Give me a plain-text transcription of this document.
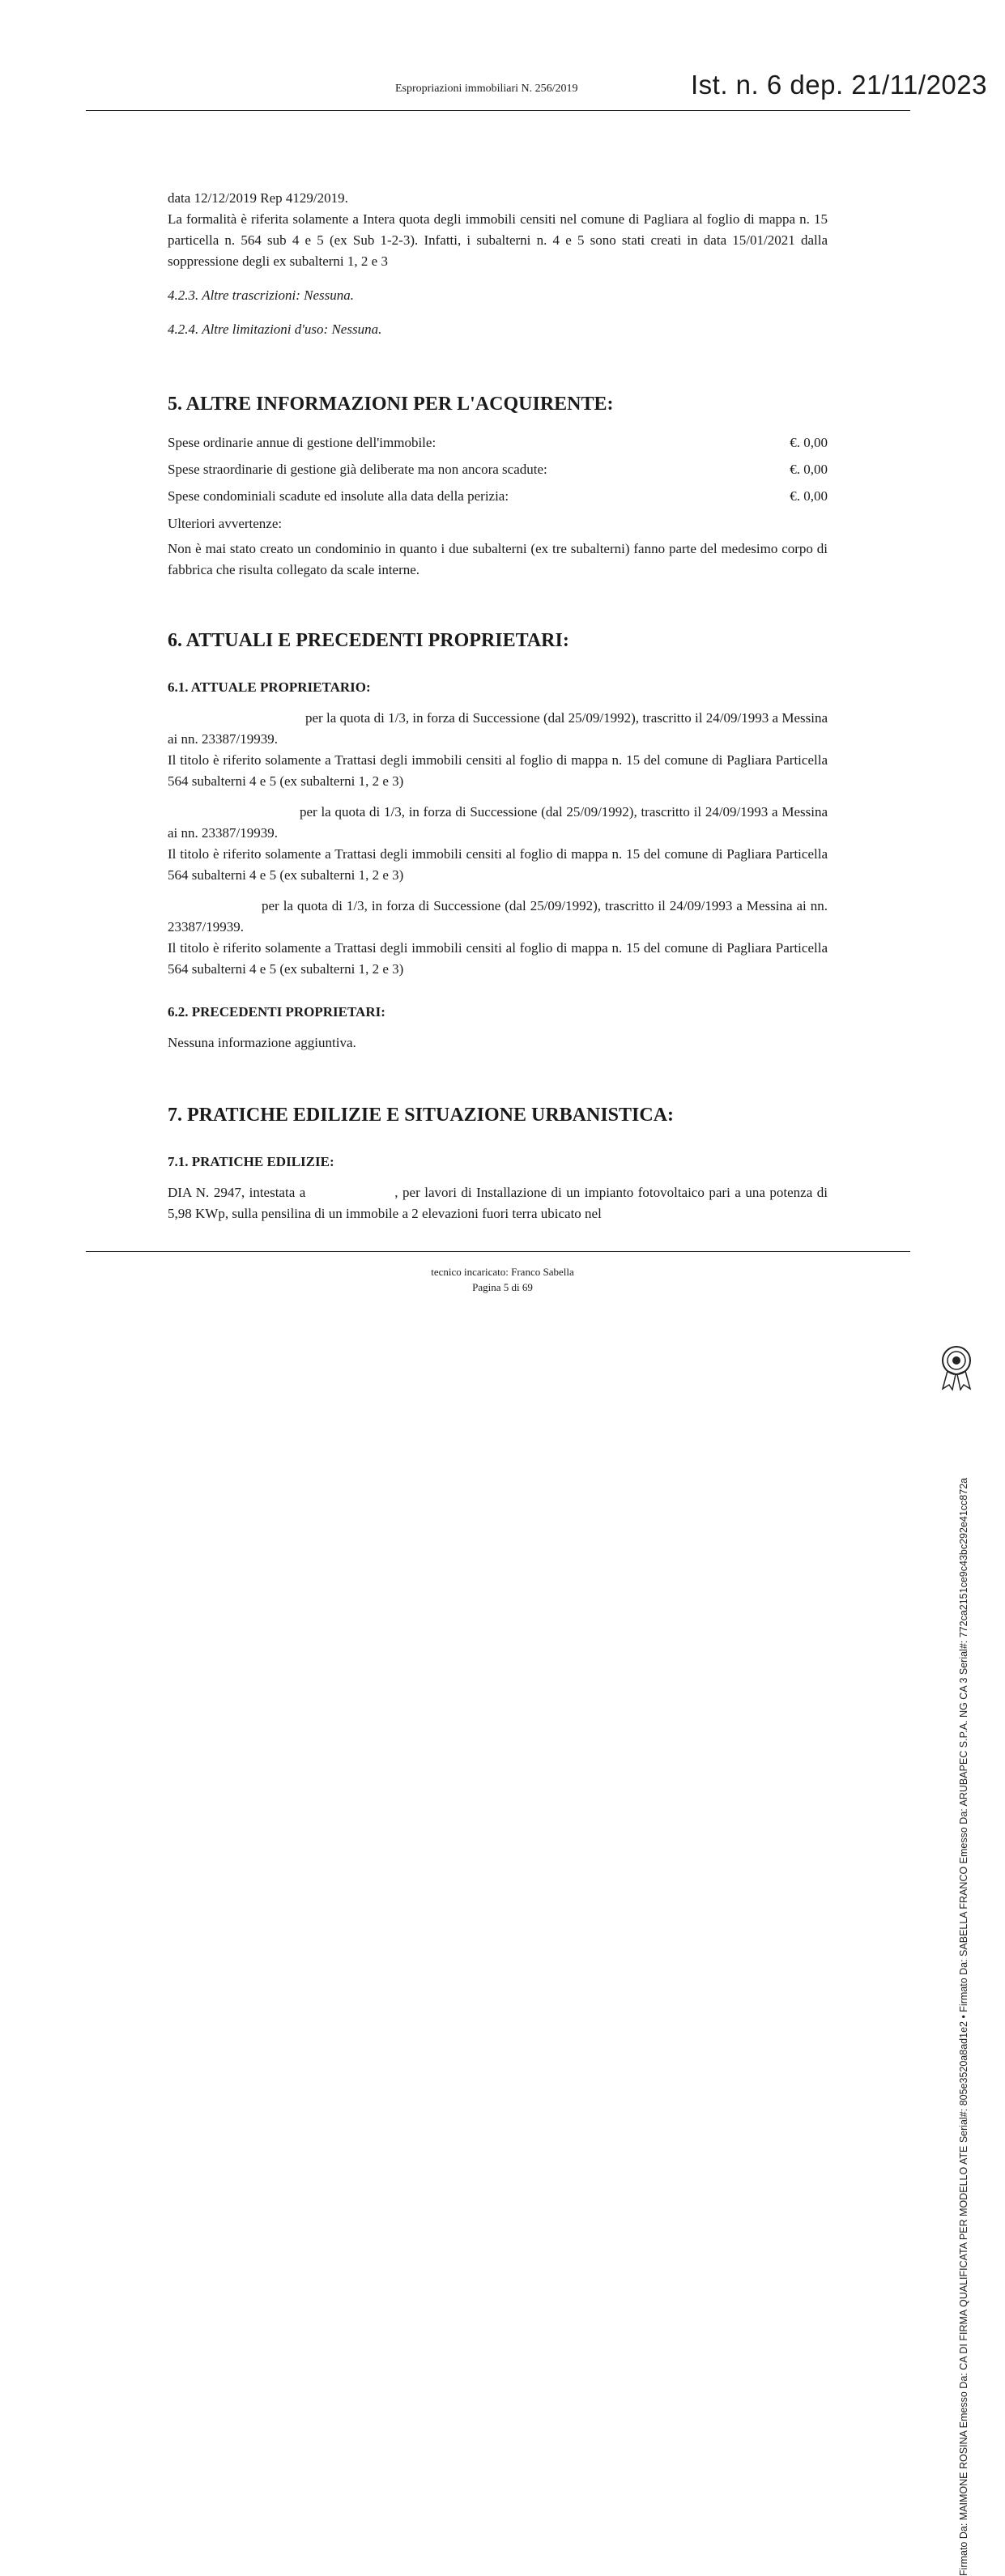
Espropriazioni immobiliari N. 256/2019	Ist. n. 6 dep. 21/11/2023
Firmato Da: MAIMONE ROSINA Emesso Da: CA DI FIRMA QUALIFICATA PER MODELLO ATE Serial#: 805e3520a8ad1e2 • Firmato Da: SABELLA FRANCO Emesso Da: ARUBAPEC S.P.A. NG CA 3 Serial#: 772ca2151ce9c43bc292e41cc872a

data 12/12/2019 Rep 4129/2019.

La formalità è riferita solamente a Intera quota degli immobili censiti nel comune di Pagliara al foglio di mappa n. 15 particella n. 564 sub 4 e 5 (ex Sub 1-2-3). Infatti, i subalterni n. 4 e 5 sono stati creati in data 15/01/2021 dalla soppressione degli ex subalterni 1, 2 e 3

4.2.3. Altre trascrizioni: Nessuna.
4.2.4. Altre limitazioni d'uso: Nessuna.
5. ALTRE INFORMAZIONI PER L'ACQUIRENTE:
Spese ordinarie annue di gestione dell'immobile:	€. 0,00
Spese straordinarie di gestione già deliberate ma non ancora scadute:	€. 0,00
Spese condominiali scadute ed insolute alla data della perizia:	€. 0,00

Ulteriori avvertenze:

Non è mai stato creato un condominio in quanto i due subalterni (ex tre subalterni) fanno parte del medesimo corpo di fabbrica che risulta collegato da scale interne.

6. ATTUALI E PRECEDENTI PROPRIETARI:
6.1. ATTUALE PROPRIETARIO:

per la quota di 1/3, in forza di Successione (dal 25/09/1992), trascritto il 24/09/1993 a Messina ai nn. 23387/19939.

Il titolo è riferito solamente a Trattasi degli immobili censiti al foglio di mappa n. 15 del comune di Pagliara Particella 564 subalterni 4 e 5 (ex subalterni 1, 2 e 3)

per la quota di 1/3, in forza di Successione (dal 25/09/1992), trascritto il 24/09/1993 a Messina ai nn. 23387/19939.

Il titolo è riferito solamente a Trattasi degli immobili censiti al foglio di mappa n. 15 del comune di Pagliara Particella 564 subalterni 4 e 5 (ex subalterni 1, 2 e 3)

per la quota di 1/3, in forza di Successione (dal 25/09/1992), trascritto il 24/09/1993 a Messina ai nn. 23387/19939.

Il titolo è riferito solamente a Trattasi degli immobili censiti al foglio di mappa n. 15 del comune di Pagliara Particella 564 subalterni 4 e 5 (ex subalterni 1, 2 e 3)

6.2. PRECEDENTI PROPRIETARI:
Nessuna informazione aggiuntiva.
7. PRATICHE EDILIZIE E SITUAZIONE URBANISTICA:
7.1. PRATICHE EDILIZIE:

DIA N. 2947, intestata a	, per lavori di Installazione di un impianto fotovoltaico pari a una potenza di 5,98 KWp, sulla pensilina di un immobile a 2 elevazioni fuori terra ubicato nel

tecnico incaricato: Franco Sabella
Pagina 5 di 69
